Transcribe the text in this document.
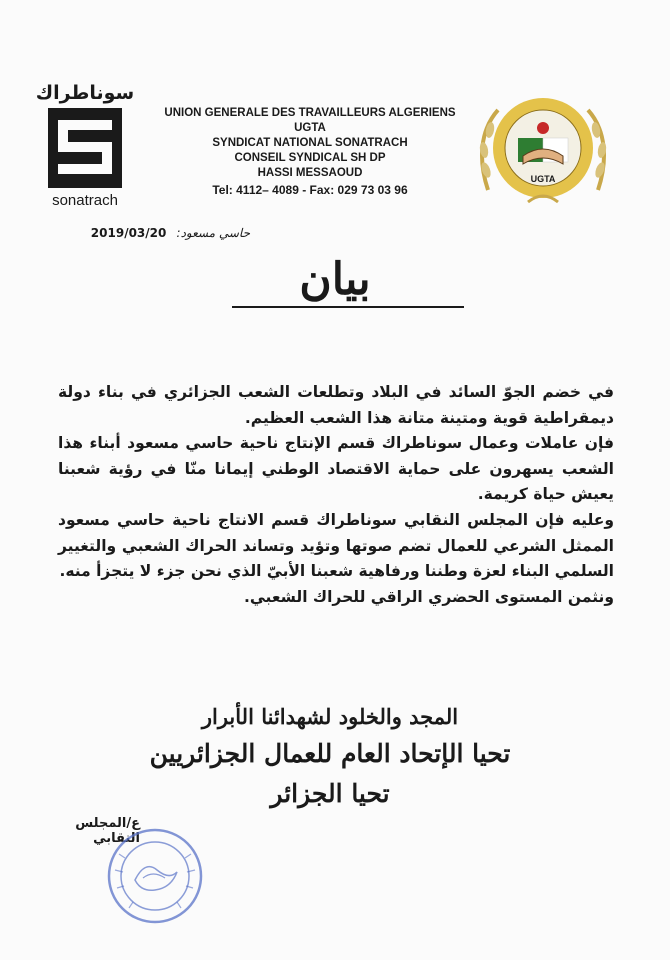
سوناطراك
sonatrach
UNION GENERALE DES TRAVAILLEURS ALGERIENS
UGTA
SYNDICAT NATIONAL SONATRACH
CONSEIL SYNDICAL SH DP
HASSI MESSAOUD
Tel: 4112– 4089 - Fax: 029 73 03 96
UGTA
حاسي مسعود: 2019/03/20
بيان

في خضم الجوّ السائد في البلاد وتطلعات الشعب الجزائري في بناء دولة ديمقراطية قوية ومتينة متانة هذا الشعب العظيم.

فإن عاملات وعمال سوناطراك قسم الإنتاج ناحية حاسي مسعود أبناء هذا الشعب يسهرون على حماية الاقتصاد الوطني إيمانا منّا في رؤية شعبنا يعيش حياة كريمة.

وعليه فإن المجلس النقابي سوناطراك قسم الانتاج ناحية حاسي مسعود الممثل الشرعي للعمال تضم صوتها وتؤيد وتساند الحراك الشعبي والتغيير السلمي البناء لعزة وطننا ورفاهية شعبنا الأبيّ الذي نحن جزء لا يتجزأ منه.

ونثمن المستوى الحضري الراقي للحراك الشعبي.

المجد والخلود لشهدائنا الأبرار
تحيا الإتحاد العام للعمال الجزائريين
تحيا الجزائر
ع/المجلس النقابي
